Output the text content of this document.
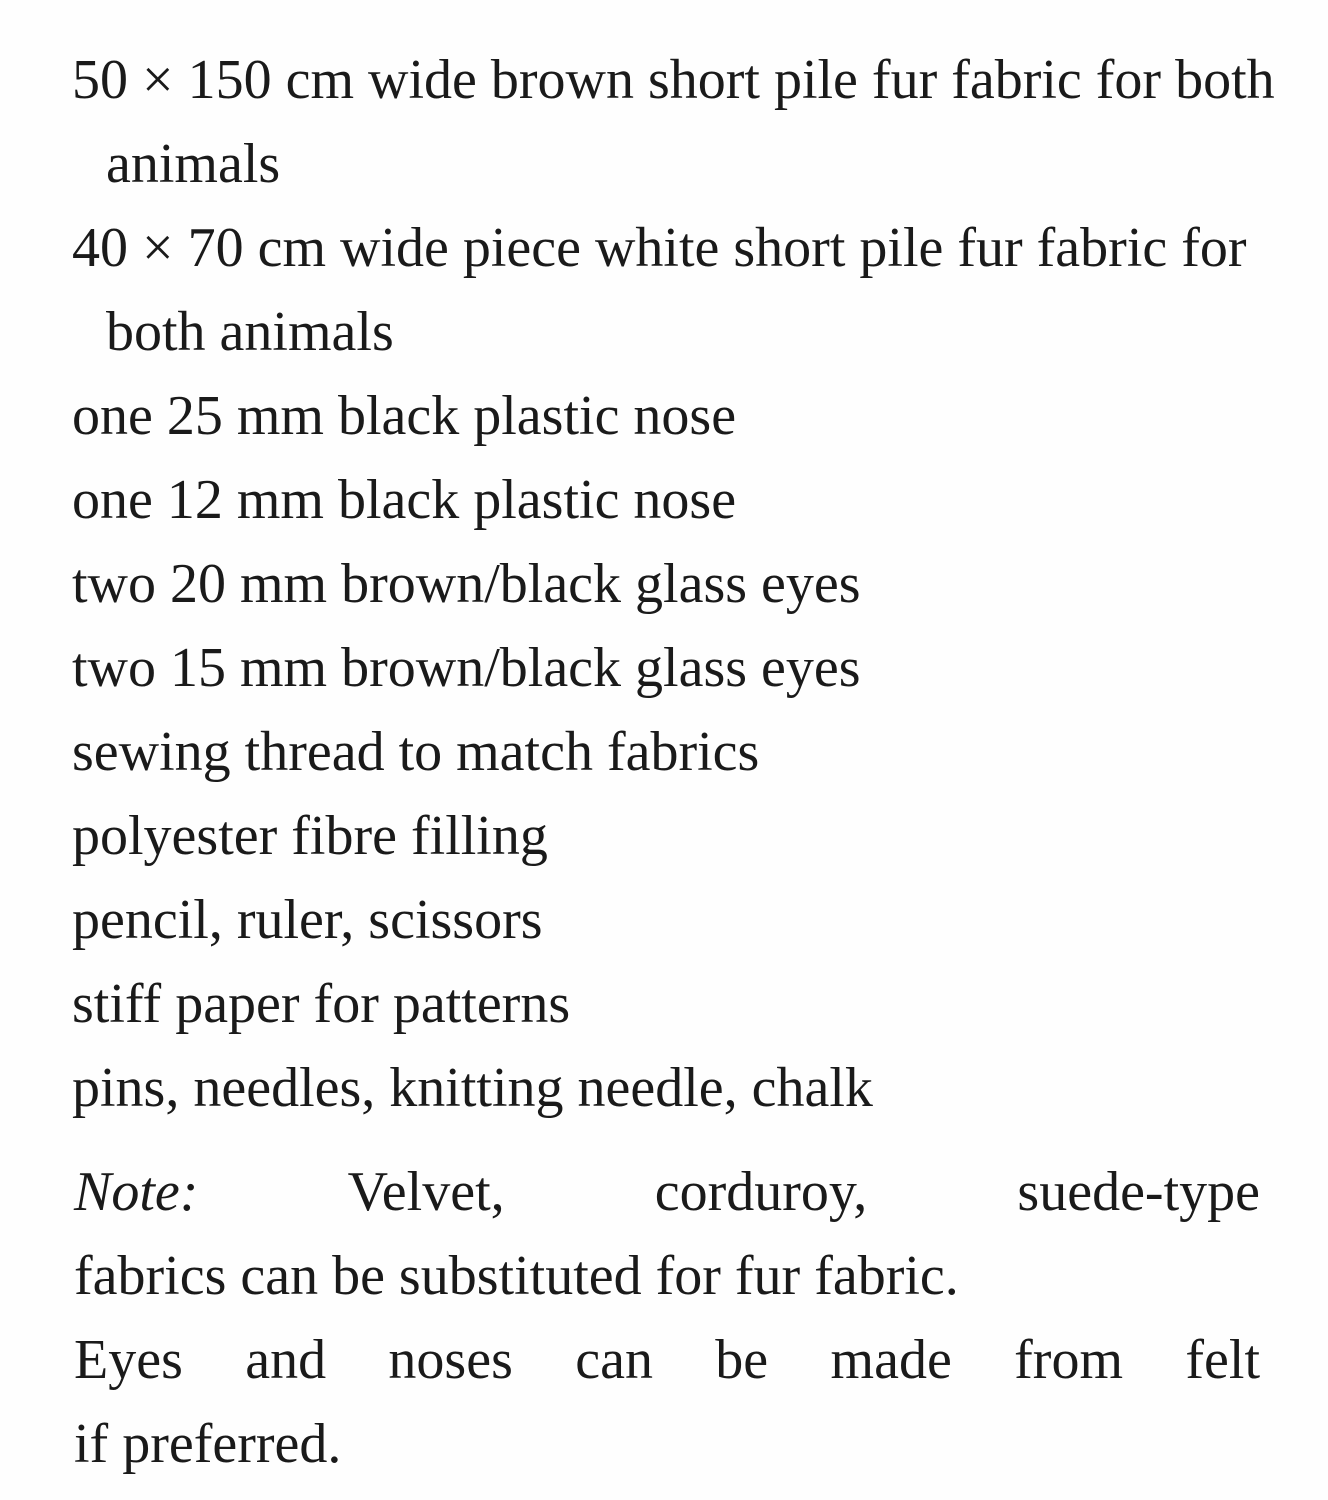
50 × 150 cm wide brown short pile fur fabric for both animals
40 × 70 cm wide piece white short pile fur fabric for both animals
one 25 mm black plastic nose
one 12 mm black plastic nose
two 20 mm brown/black glass eyes
two 15 mm brown/black glass eyes
sewing thread to match fabrics
polyester fibre filling
pencil, ruler, scissors
stiff paper for patterns
pins, needles, knitting needle, chalk
Note:	Velvet, corduroy, suede-type
fabrics can be substituted for fur fabric.
Eyes and noses can be made from felt
if preferred.
